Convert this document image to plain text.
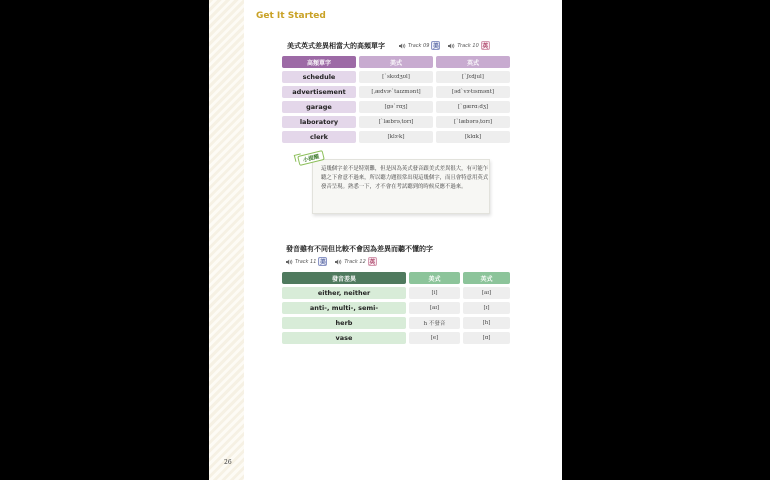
Get It Started
美式英式差異相當大的高頻單字	Track 09 美	Track 10 英
高頻單字	美式	英式
schedule	[ˋskɛdʒʊl]	[ˋʃɛdjul]
advertisement	[ˌædvɚˋtaɪzmənt]	[ədˋvɝtɪsmənt]
garage	[gəˋrɑʒ]	[ˋgærɑːdʒ]
laboratory	[ˋlæbrəˌtorɪ]	[ˋlæbərəˌtorɪ]
clerk	[klɝk]	[klɑk]
這幾個字並不是特別難，但是因為英式發音跟美式差異很大，有可能乍聽之下會意不過來，所以聽力題很常出現這幾個字，而且會特意用英式發音呈現。熟悉一下，才不會在考試聽到的時候反應不過來。
小提醒
發音雖有不同但比較不會因為差異而聽不懂的字
Track 11 美	Track 12 英
發音差異	美式	英式
either, neither	[i]	[aɪ]
anti-, multi-, semi-	[aɪ]	[ɪ]
herb	h 不發音	[h]
vase	[e]	[ɑ]
26
